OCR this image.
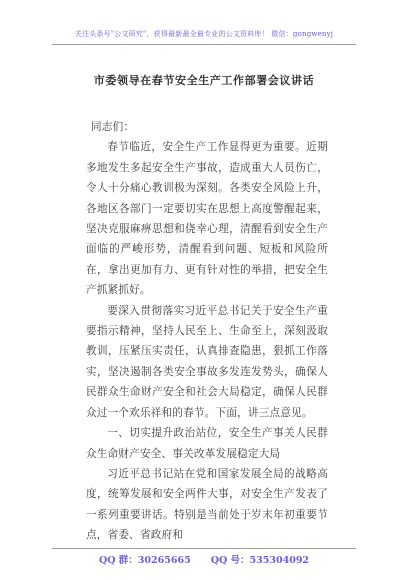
关注头条号"公文研究"，获得最新最全最专业的公文资料库！ 微信：gongwenyj
市委领导在春节安全生产工作部署会议讲话

同志们：

春节临近，安全生产工作显得更为重要。近期多地发生多起安全生产事故，造成重大人员伤亡，令人十分痛心教训极为深刻。各类安全风险上升，各地区各部门一定要切实在思想上高度警醒起来，坚决克服麻痹思想和侥幸心理，清醒看到安全生产面临的严峻形势，清醒看到问题、短板和风险所在，拿出更加有力、更有针对性的举措，把安全生产抓紧抓好。

要深入贯彻落实习近平总书记关于安全生产重要指示精神，坚持人民至上、生命至上，深刻汲取教训，压紧压实责任，认真排查隐患，狠抓工作落实，坚决遏制各类安全事故多发连发势头，确保人民群众生命财产安全和社会大局稳定，确保人民群众过一个欢乐祥和的春节。下面，讲三点意见。

一、切实提升政治站位，安全生产事关人民群众生命财产安全、事关改革发展稳定大局

习近平总书记站在党和国家发展全局的战略高度，统筹发展和安全两件大事，对安全生产发表了一系列重要讲话。特别是当前处于岁末年初重要节点，省委、省政府和

QQ 群：30265665 QQ 号：535304092
